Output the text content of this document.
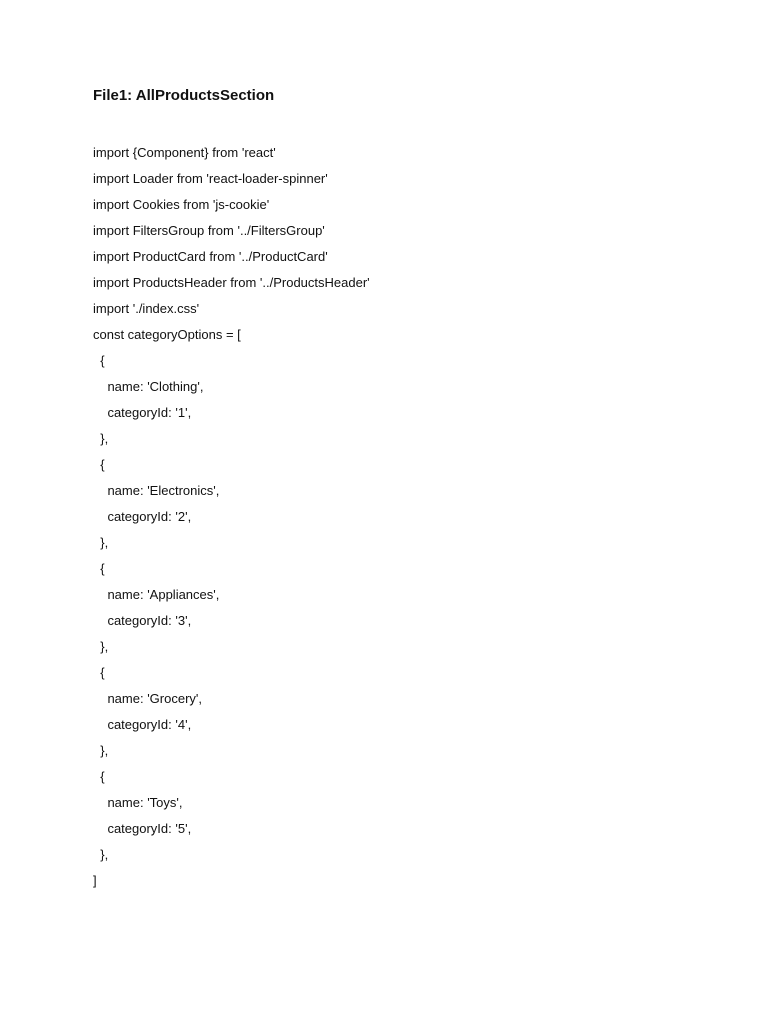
File1: AllProductsSection
import {Component} from 'react'
import Loader from 'react-loader-spinner'
import Cookies from 'js-cookie'
import FiltersGroup from '../FiltersGroup'
import ProductCard from '../ProductCard'
import ProductsHeader from '../ProductsHeader'
import './index.css'
const categoryOptions = [
{
name: 'Clothing',
categoryId: '1',
},
{
name: 'Electronics',
categoryId: '2',
},
{
name: 'Appliances',
categoryId: '3',
},
{
name: 'Grocery',
categoryId: '4',
},
{
name: 'Toys',
categoryId: '5',
},
]
